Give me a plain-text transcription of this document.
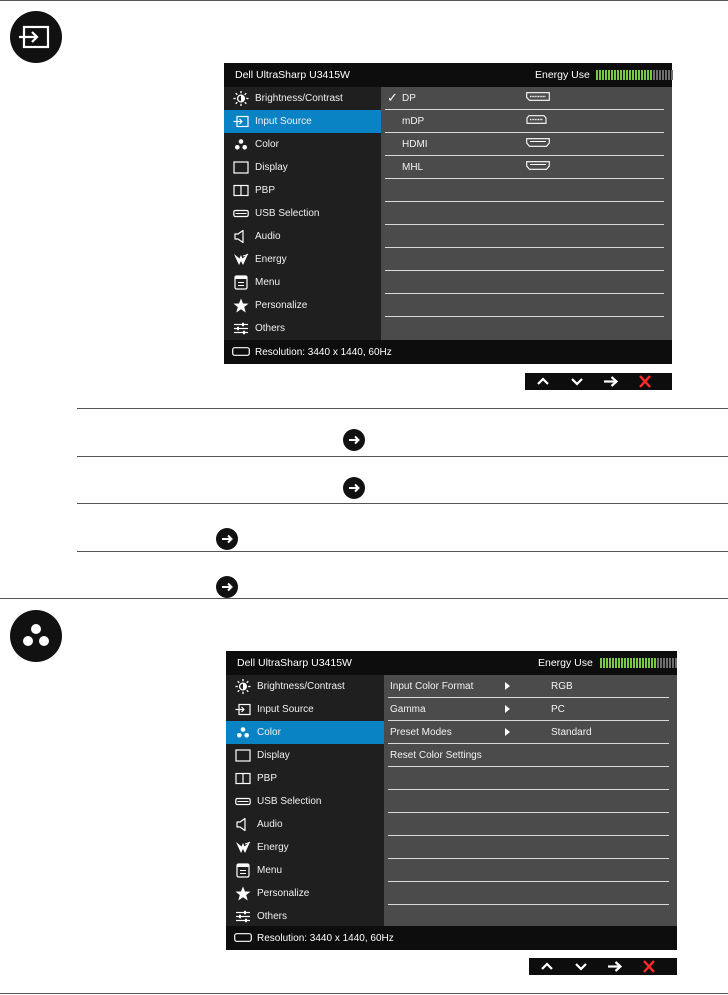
Dell UltraSharp U3415W	Energy Use
Brightness/Contrast
Input Source
Color
Display
PBP
USB Selection
Audio
Energy
Menu
Personalize
Others
✓ DP
mDP
HDMI
MHL
Resolution: 3440 x 1440, 60Hz
Dell UltraSharp U3415W	Energy Use
Brightness/Contrast
Input Source
Color
Display
PBP
USB Selection
Audio
Energy
Menu
Personalize
Others
Input Color Format	RGB
Gamma	PC
Preset Modes	Standard
Reset Color Settings
Resolution: 3440 x 1440, 60Hz
